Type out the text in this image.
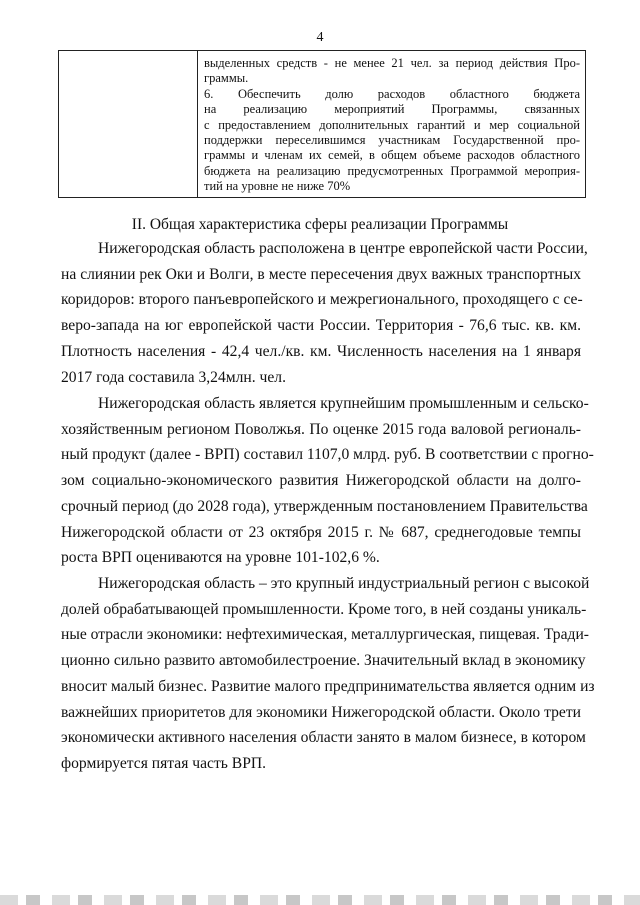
4
выделенных средств - не менее 21 чел. за период действия Про-
граммы.
6. Обеспечить долю расходов областного бюджета
на реализацию мероприятий Программы, связанных
с предоставлением дополнительных гарантий и мер социальной
поддержки переселившимся участникам Государственной про-
граммы и членам их семей, в общем объеме расходов областного
бюджета на реализацию предусмотренных Программой мероприя-
тий на уровне не ниже 70%
II. Общая характеристика сферы реализации Программы
Нижегородская область расположена в центре европейской части России,
на слиянии рек Оки и Волги, в месте пересечения двух важных транспортных
коридоров: второго панъевропейского и межрегионального, проходящего с се-
веро-запада на юг европейской части России. Территория - 76,6 тыс. кв. км.
Плотность населения - 42,4 чел./кв. км. Численность населения на 1 января
2017 года составила 3,24млн. чел.
Нижегородская область является крупнейшим промышленным и сельско-
хозяйственным регионом Поволжья. По оценке 2015 года валовой региональ-
ный продукт (далее - ВРП) составил 1107,0 млрд. руб. В соответствии с прогно-
зом социально-экономического развития Нижегородской области на долго-
срочный период (до 2028 года), утвержденным постановлением Правительства
Нижегородской области от 23 октября 2015 г. № 687, среднегодовые темпы
роста ВРП оцениваются на уровне 101-102,6 %.
Нижегородская область – это крупный индустриальный регион с высокой
долей обрабатывающей промышленности. Кроме того, в ней созданы уникаль-
ные отрасли экономики: нефтехимическая, металлургическая, пищевая. Тради-
ционно сильно развито автомобилестроение. Значительный вклад в экономику
вносит малый бизнес. Развитие малого предпринимательства является одним из
важнейших приоритетов для экономики Нижегородской области. Около трети
экономически активного населения области занято в малом бизнесе, в котором
формируется пятая часть ВРП.
